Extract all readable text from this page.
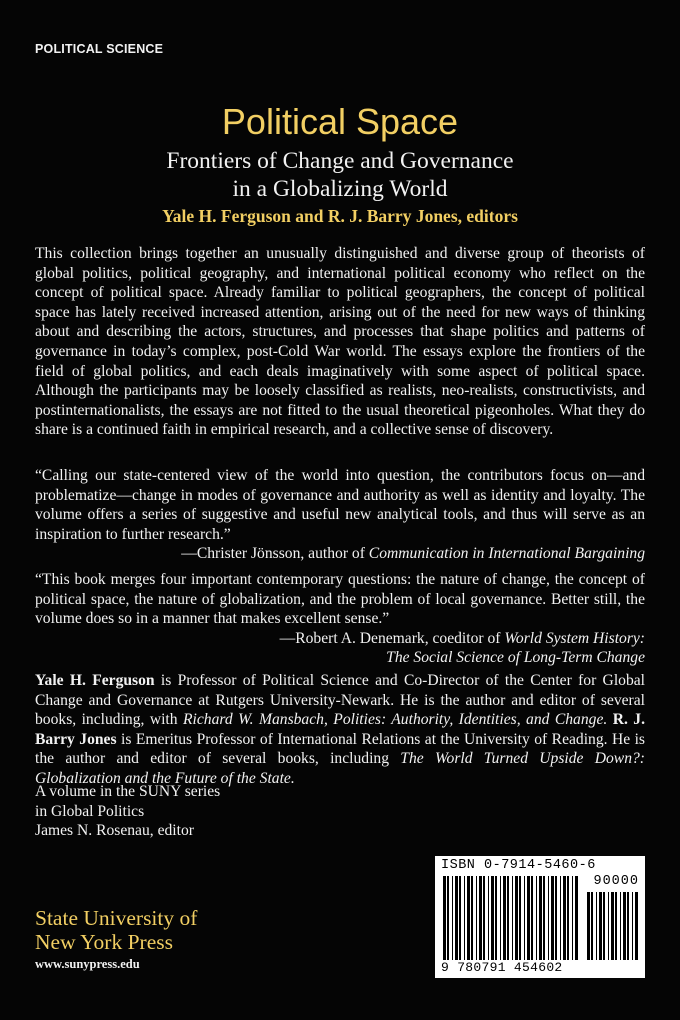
POLITICAL SCIENCE
Political Space
Frontiers of Change and Governance
in a Globalizing World
Yale H. Ferguson and R. J. Barry Jones, editors

This collection brings together an unusually distinguished and diverse group of theorists of global politics, political geography, and international political economy who reflect on the concept of political space. Already familiar to political geographers, the concept of political space has lately received increased attention, arising out of the need for new ways of thinking about and describing the actors, structures, and processes that shape politics and patterns of governance in today’s complex, post-Cold War world. The essays explore the frontiers of the field of global politics, and each deals imaginatively with some aspect of political space. Although the participants may be loosely classified as realists, neo-realists, constructivists, and postinternationalists, the essays are not fitted to the usual theoretical pigeonholes. What they do share is a continued faith in empirical research, and a collective sense of discovery.

“Calling our state-centered view of the world into question, the contributors focus on—and problematize—change in modes of governance and authority as well as identity and loyalty. The volume offers a series of suggestive and useful new analytical tools, and thus will serve as an inspiration to further research.”

—Christer Jönsson, author of Communication in International Bargaining

“This book merges four important contemporary questions: the nature of change, the concept of political space, the nature of globalization, and the problem of local governance. Better still, the volume does so in a manner that makes excellent sense.”

—Robert A. Denemark, coeditor of World System History:
The Social Science of Long-Term Change

Yale H. Ferguson is Professor of Political Science and Co-Director of the Center for Global Change and Governance at Rutgers University-Newark. He is the author and editor of several books, including, with Richard W. Mansbach, Polities: Authority, Identities, and Change. R. J. Barry Jones is Emeritus Professor of International Relations at the University of Reading. He is the author and editor of several books, including The World Turned Upside Down?: Globalization and the Future of the State.

A volume in the SUNY series
in Global Politics
James N. Rosenau, editor
State University of
New York Press
www.sunypress.edu
ISBN 0-7914-5460-6
90000
9 780791 454602
